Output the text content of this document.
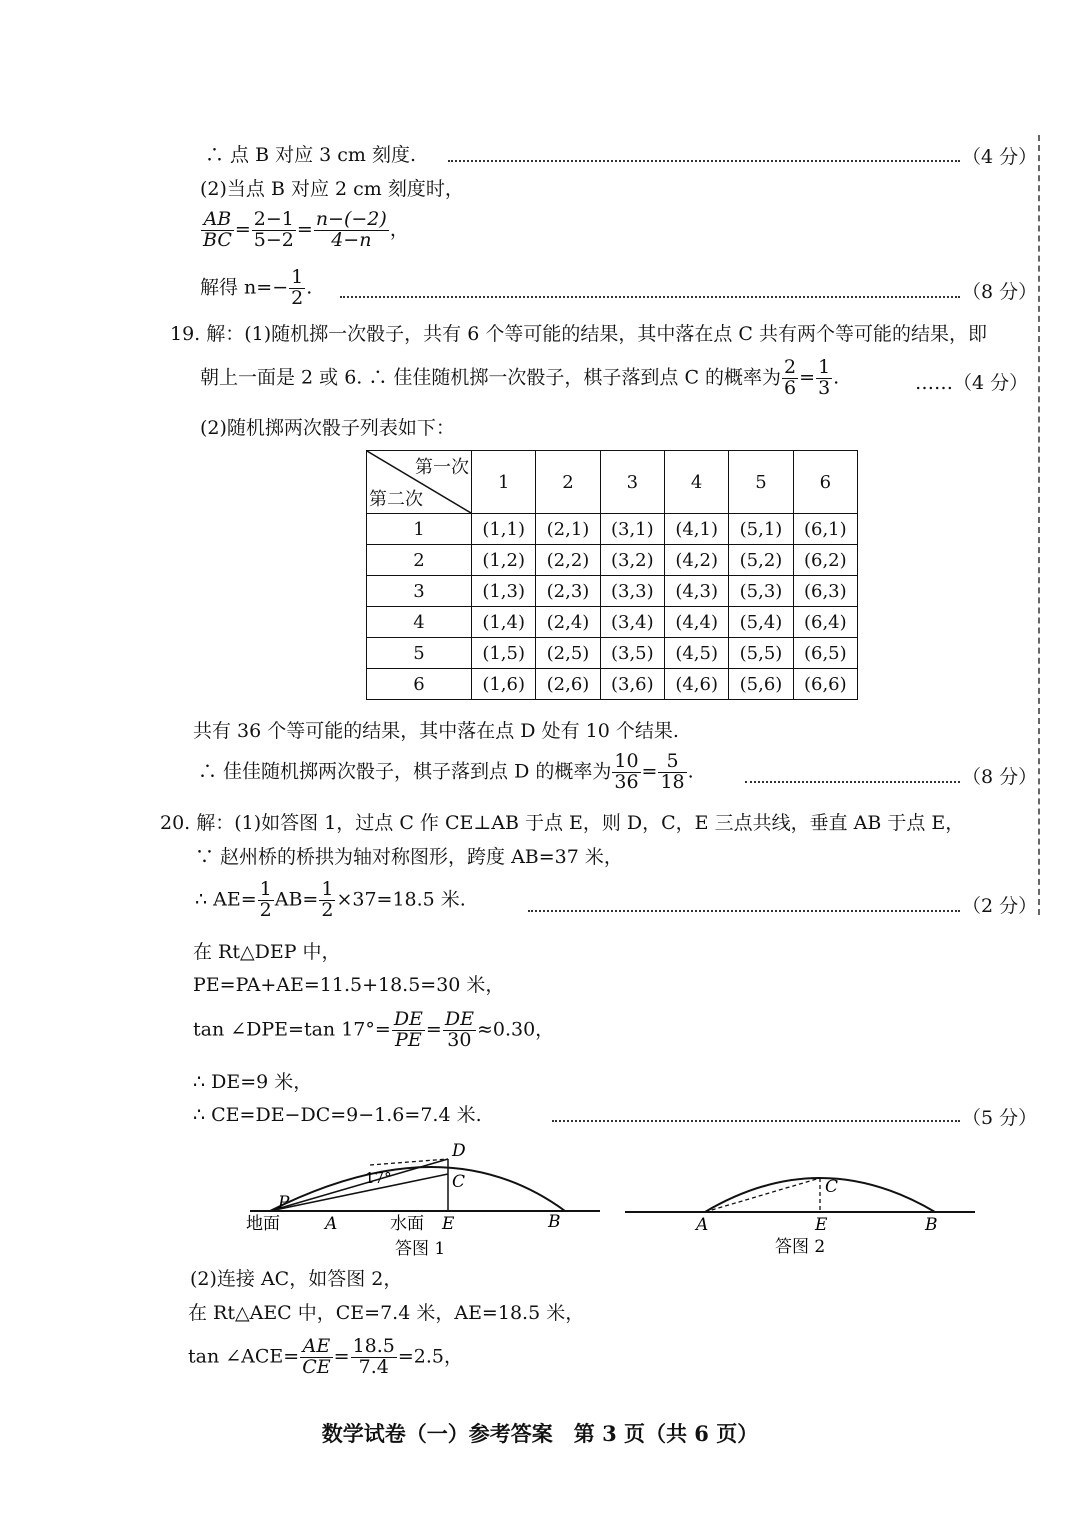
∴ 点 B 对应 3 cm 刻度.	（4 分）
(2)当点 B 对应 2 cm 刻度时，
$\frac{AB}{BC} = \frac{2-1}{5-2} = \frac{n-(-2)}{4-n}$ ，
解得 $n=- \frac{1}{2}$ .	（8 分）
19. 解：(1)随机掷一次骰子，共有 6 个等可能的结果，其中落在点 C 共有两个等可能的结果，即
朝上一面是 2 或 6. ∴ 佳佳随机掷一次骰子，棋子落到点 C 的概率为 $\frac{2}{6} = \frac{1}{3}$ .	……（4 分）
(2)随机掷两次骰子列表如下：
第一次
第二次	1	2	3	4	5	6
1	(1,1)	(2,1)	(3,1)	(4,1)	(5,1)	(6,1)
2	(1,2)	(2,2)	(3,2)	(4,2)	(5,2)	(6,2)
3	(1,3)	(2,3)	(3,3)	(4,3)	(5,3)	(6,3)
4	(1,4)	(2,4)	(3,4)	(4,4)	(5,4)	(6,4)
5	(1,5)	(2,5)	(3,5)	(4,5)	(5,5)	(6,5)
6	(1,6)	(2,6)	(3,6)	(4,6)	(5,6)	(6,6)
共有 36 个等可能的结果，其中落在点 D 处有 10 个结果.
∴ 佳佳随机掷两次骰子，棋子落到点 D 的概率为 $\frac{10}{36} = \frac{5}{18}$ .	（8 分）
20. 解：(1)如答图 1，过点 C 作 CE⊥AB 于点 E，则 D，C，E 三点共线，垂直 AB 于点 E，
∵ 赵州桥的桥拱为轴对称图形，跨度 AB=37 米，
∴ $AE= \frac{1}{2} AB= \frac{1}{2} \times 37=18.5$ 米.	（2 分）
在 Rt△DEP 中，
PE=PA+AE=11.5+18.5=30 米，
tan ∠DPE=tan $17^\circ= \frac{DE}{PE} = \frac{DE}{30} \approx 0.30$，
∴ DE=9 米，
∴ CE=DE−DC=9−1.6=7.4 米.	（5 分）
P
D
C
17°
地面	A	水面 E	B
答图 1
C
A	E	B
答图 2
(2)连接 AC，如答图 2，
在 Rt△AEC 中，CE=7.4 米，AE=18.5 米，
tan ∠ACE= $\frac{AE}{CE} = \frac{18.5}{7.4} =2.5$，
数学试卷（一）参考答案　第 3 页（共 6 页）
